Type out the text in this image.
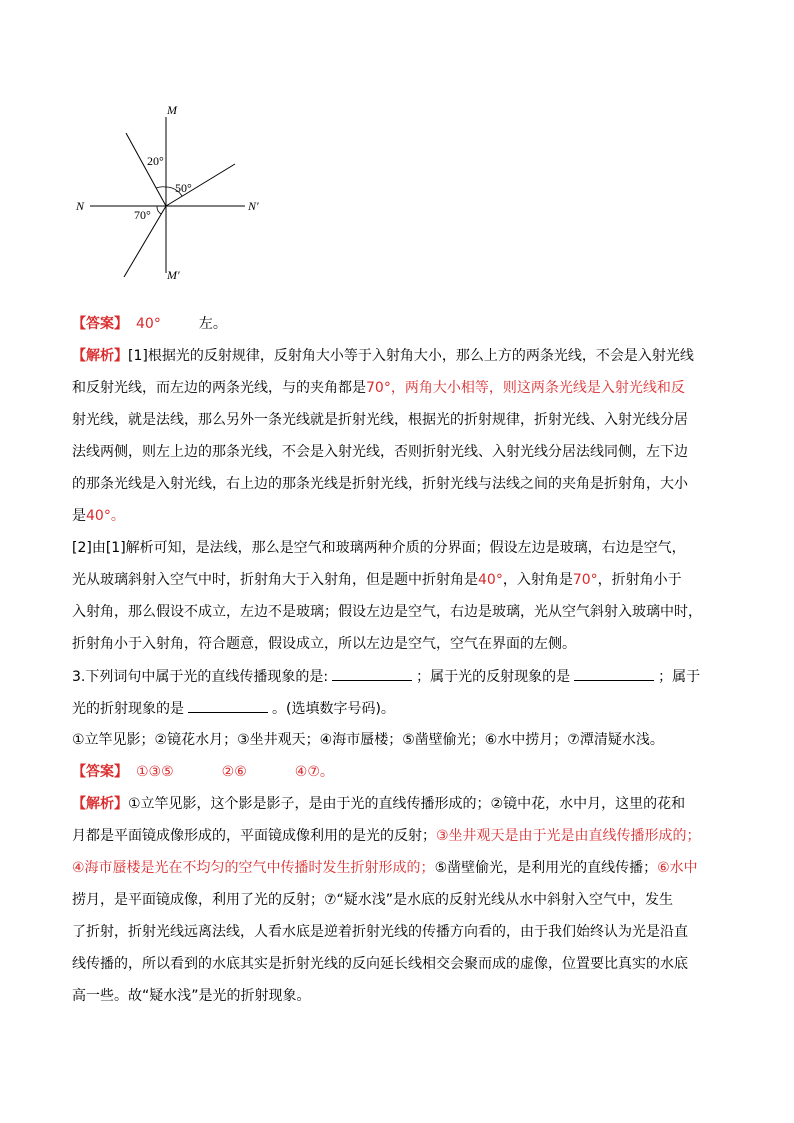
M
M′
N	N′
20°
50°
70°
【答案】 40°	左。
【解析】[1]根据光的反射规律，反射角大小等于入射角大小，那么上方的两条光线，不会是入射光线
和反射光线，而左边的两条光线，与的夹角都是70°，两角大小相等，则这两条光线是入射光线和反
射光线，就是法线，那么另外一条光线就是折射光线，根据光的折射规律，折射光线、入射光线分居
法线两侧，则左上边的那条光线，不会是入射光线，否则折射光线、入射光线分居法线同侧，左下边
的那条光线是入射光线，右上边的那条光线是折射光线，折射光线与法线之间的夹角是折射角，大小
是40°。
[2]由[1]解析可知，是法线，那么是空气和玻璃两种介质的分界面；假设左边是玻璃，右边是空气，
光从玻璃斜射入空气中时，折射角大于入射角，但是题中折射角是40°，入射角是70°，折射角小于
入射角，那么假设不成立，左边不是玻璃；假设左边是空气，右边是玻璃，光从空气斜射入玻璃中时，
折射角小于入射角，符合题意，假设成立，所以左边是空气，空气在界面的左侧。
3.下列词句中属于光的直线传播现象的是:	；属于光的反射现象的是	；属于
光的折射现象的是	。(选填数字号码)。
①立竿见影；②镜花水月；③坐井观天；④海市蜃楼；⑤凿壁偷光；⑥水中捞月；⑦潭清疑水浅。
【答案】 ①③⑤	②⑥	④⑦。
【解析】①立竿见影，这个影是影子，是由于光的直线传播形成的；②镜中花，水中月，这里的花和
月都是平面镜成像形成的，平面镜成像利用的是光的反射；③坐井观天是由于光是由直线传播形成的；
④海市蜃楼是光在不均匀的空气中传播时发生折射形成的；⑤凿壁偷光，是利用光的直线传播；⑥水中
捞月，是平面镜成像，利用了光的反射；⑦“疑水浅”是水底的反射光线从水中斜射入空气中，发生
了折射，折射光线远离法线，人看水底是逆着折射光线的传播方向看的，由于我们始终认为光是沿直
线传播的，所以看到的水底其实是折射光线的反向延长线相交会聚而成的虚像，位置要比真实的水底
高一些。故“疑水浅”是光的折射现象。
